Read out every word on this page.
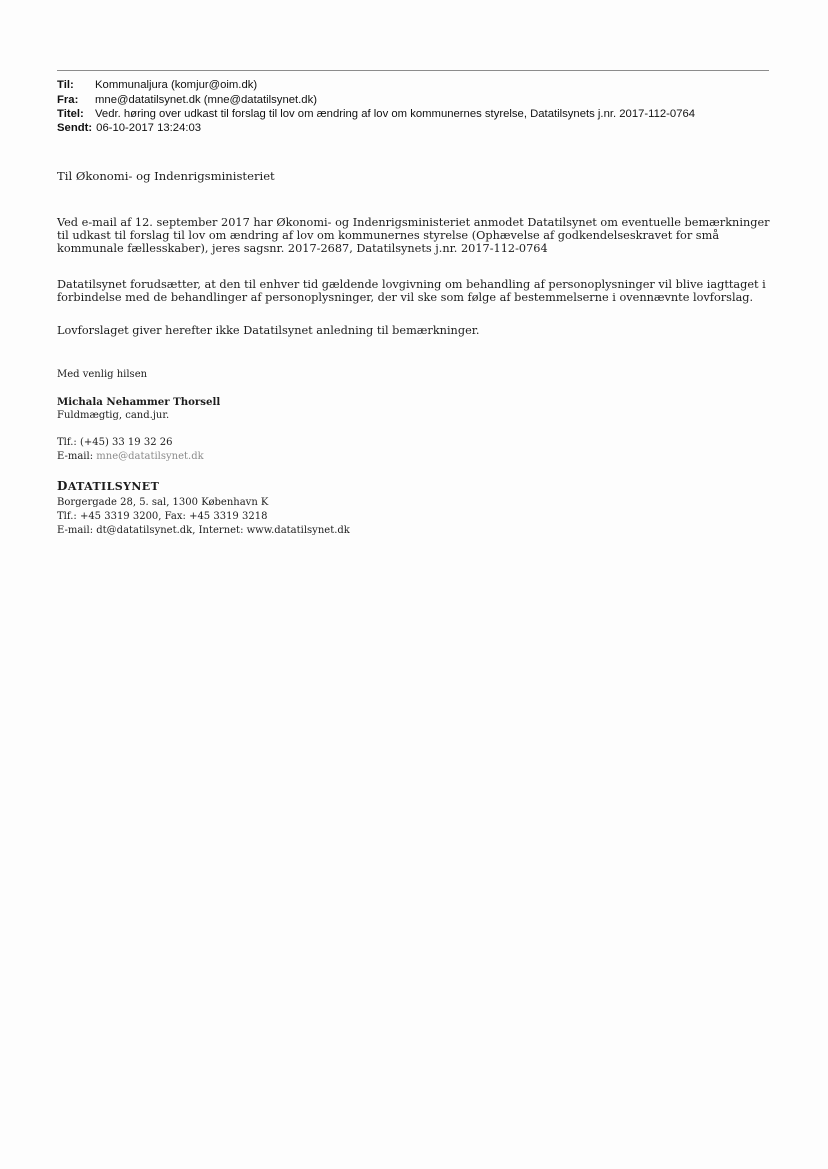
Til: Kommunaljura (komjur@oim.dk)
Fra: mne@datatilsynet.dk (mne@datatilsynet.dk)
Titel: Vedr. høring over udkast til forslag til lov om ændring af lov om kommunernes styrelse, Datatilsynets j.nr. 2017-112-0764
Sendt: 06-10-2017 13:24:03
Til Økonomi- og Indenrigsministeriet
Ved e-mail af 12. september 2017 har Økonomi- og Indenrigsministeriet anmodet Datatilsynet om eventuelle bemærkninger
til udkast til forslag til lov om ændring af lov om kommunernes styrelse (Ophævelse af godkendelseskravet for små
kommunale fællesskaber), jeres sagsnr. 2017-2687, Datatilsynets j.nr. 2017-112-0764
Datatilsynet forudsætter, at den til enhver tid gældende lovgivning om behandling af personoplysninger vil blive iagttaget i
forbindelse med de behandlinger af personoplysninger, der vil ske som følge af bestemmelserne i ovennævnte lovforslag.
Lovforslaget giver herefter ikke Datatilsynet anledning til bemærkninger.
Med venlig hilsen
Michala Nehammer Thorsell
Fuldmægtig, cand.jur.
Tlf.: (+45) 33 19 32 26
E-mail: mne@datatilsynet.dk
DATATILSYNET
Borgergade 28, 5. sal, 1300 København K
Tlf.: +45 3319 3200, Fax: +45 3319 3218
E-mail: dt@datatilsynet.dk, Internet: www.datatilsynet.dk
